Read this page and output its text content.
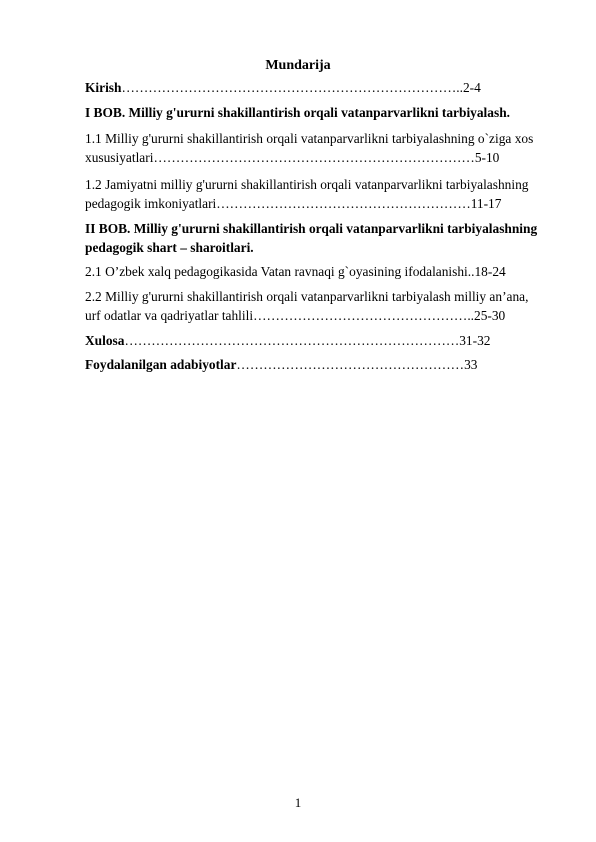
Mundarija
Kirish…………………………………………………………………..2-4
I BOB. Milliy g'ururni shakillantirish orqali vatanparvarlikni tarbiyalash.
1.1 Milliy g'ururni shakillantirish orqali vatanparvarlikni tarbiyalashning o`ziga xos
xususiyatlari………………………………………………………………5-10
1.2 Jamiyatni milliy g'ururni shakillantirish orqali vatanparvarlikni tarbiyalashning
pedagogik imkoniyatlari…………………………………………………11-17
II BOB. Milliy g'ururni shakillantirish orqali vatanparvarlikni tarbiyalashning
pedagogik shart – sharoitlari.
2.1 O’zbek xalq pedagogikasida Vatan ravnaqi g`oyasining ifodalanishi..18-24
2.2 Milliy g'ururni shakillantirish orqali vatanparvarlikni tarbiyalash milliy an’ana,
urf odatlar va qadriyatlar tahlili…………………………………………..25-30
Xulosa…………………………………………………………………31-32
Foydalanilgan adabiyotlar……………………………………………33
1
